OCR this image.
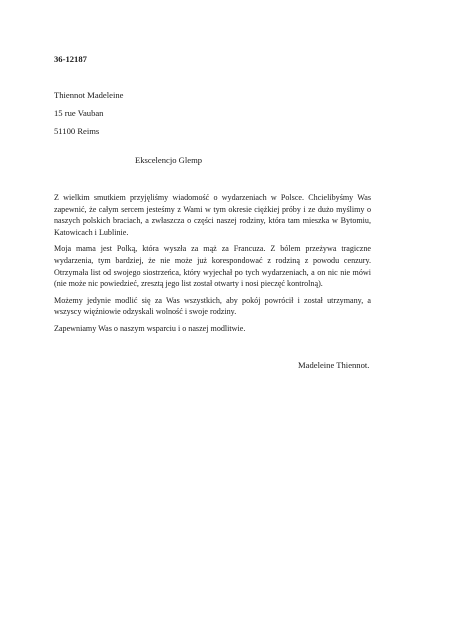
36-12187
Thiennot Madeleine
15 rue Vauban
51100 Reims
Ekscelencjo Glemp

Z wielkim smutkiem przyjęliśmy wiadomość o wydarzeniach w Polsce. Chcielibyśmy Was zapewnić, że całym sercem jesteśmy z Wami w tym okresie ciężkiej próby i ze dużo myślimy o naszych polskich braciach, a zwłaszcza o części naszej rodziny, która tam mieszka w Bytomiu, Katowicach i Lublinie.

Moja mama jest Polką, która wyszła za mąż za Francuza. Z bólem przeżywa tragiczne wydarzenia, tym bardziej, że nie może już korespondować z rodziną z powodu cenzury. Otrzymała list od swojego siostrzeńca, który wyjechał po tych wydarzeniach, a on nic nie mówi (nie może nic powiedzieć, zresztą jego list został otwarty i nosi pieczęć kontrolną).

Możemy jedynie modlić się za Was wszystkich, aby pokój powrócił i został utrzymany, a wszyscy więźniowie odzyskali wolność i swoje rodziny.

Zapewniamy Was o naszym wsparciu i o naszej modlitwie.

Madeleine Thiennot.
